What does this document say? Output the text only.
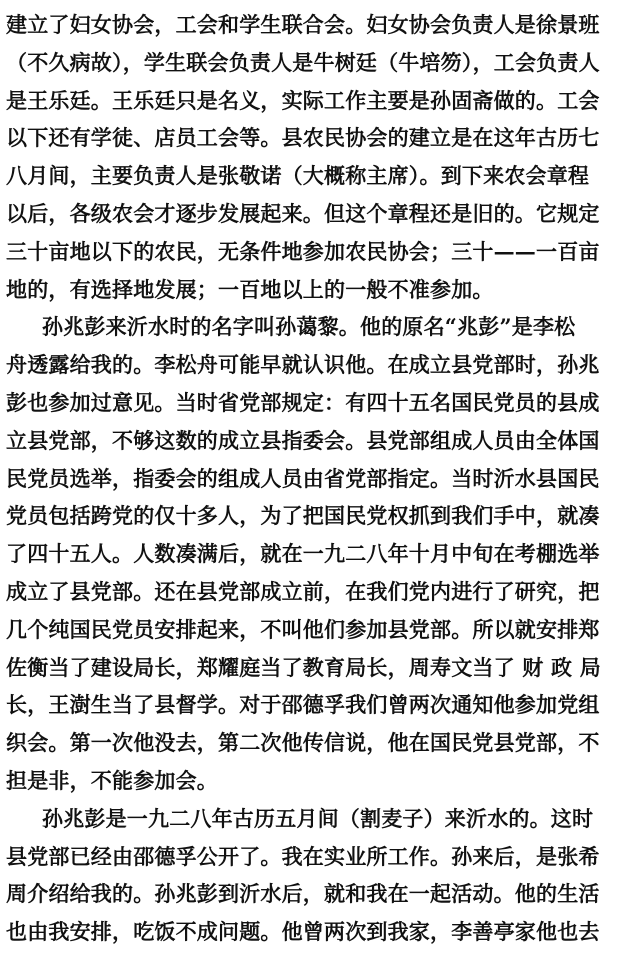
建立了妇女协会，工会和学生联合会。妇女协会负责人是徐景班
（不久病故），学生联会负责人是牛树廷（牛培笏），工会负责人
是王乐廷。王乐廷只是名义，实际工作主要是孙固斋做的。工会
以下还有学徒、店员工会等。县农民协会的建立是在这年古历七
八月间，主要负责人是张敬诺（大概称主席）。到下来农会章程
以后，各级农会才逐步发展起来。但这个章程还是旧的。它规定
三十亩地以下的农民，无条件地参加农民协会；三十——一百亩
地的，有选择地发展；一百地以上的一般不准参加。
孙兆彭来沂水时的名字叫孙蔼黎。他的原名“兆彭”是李松
舟透露给我的。李松舟可能早就认识他。在成立县党部时，孙兆
彭也参加过意见。当时省党部规定：有四十五名国民党员的县成
立县党部，不够这数的成立县指委会。县党部组成人员由全体国
民党员选举，指委会的组成人员由省党部指定。当时沂水县国民
党员包括跨党的仅十多人，为了把国民党权抓到我们手中，就凑
了四十五人。人数凑满后，就在一九二八年十月中旬在考棚选举
成立了县党部。还在县党部成立前，在我们党内进行了研究，把
几个纯国民党员安排起来，不叫他们参加县党部。所以就安排郑
佐衡当了建设局长，郑耀庭当了教育局长，周寿文当了 财 政 局
长，王澍生当了县督学。对于邵德孚我们曾两次通知他参加党组
织会。第一次他没去，第二次他传信说，他在国民党县党部，不
担是非，不能参加会。
孙兆彭是一九二八年古历五月间（割麦子）来沂水的。这时
县党部已经由邵德孚公开了。我在实业所工作。孙来后，是张希
周介绍给我的。孙兆彭到沂水后，就和我在一起活动。他的生活
也由我安排，吃饭不成问题。他曾两次到我家，李善亭家他也去
